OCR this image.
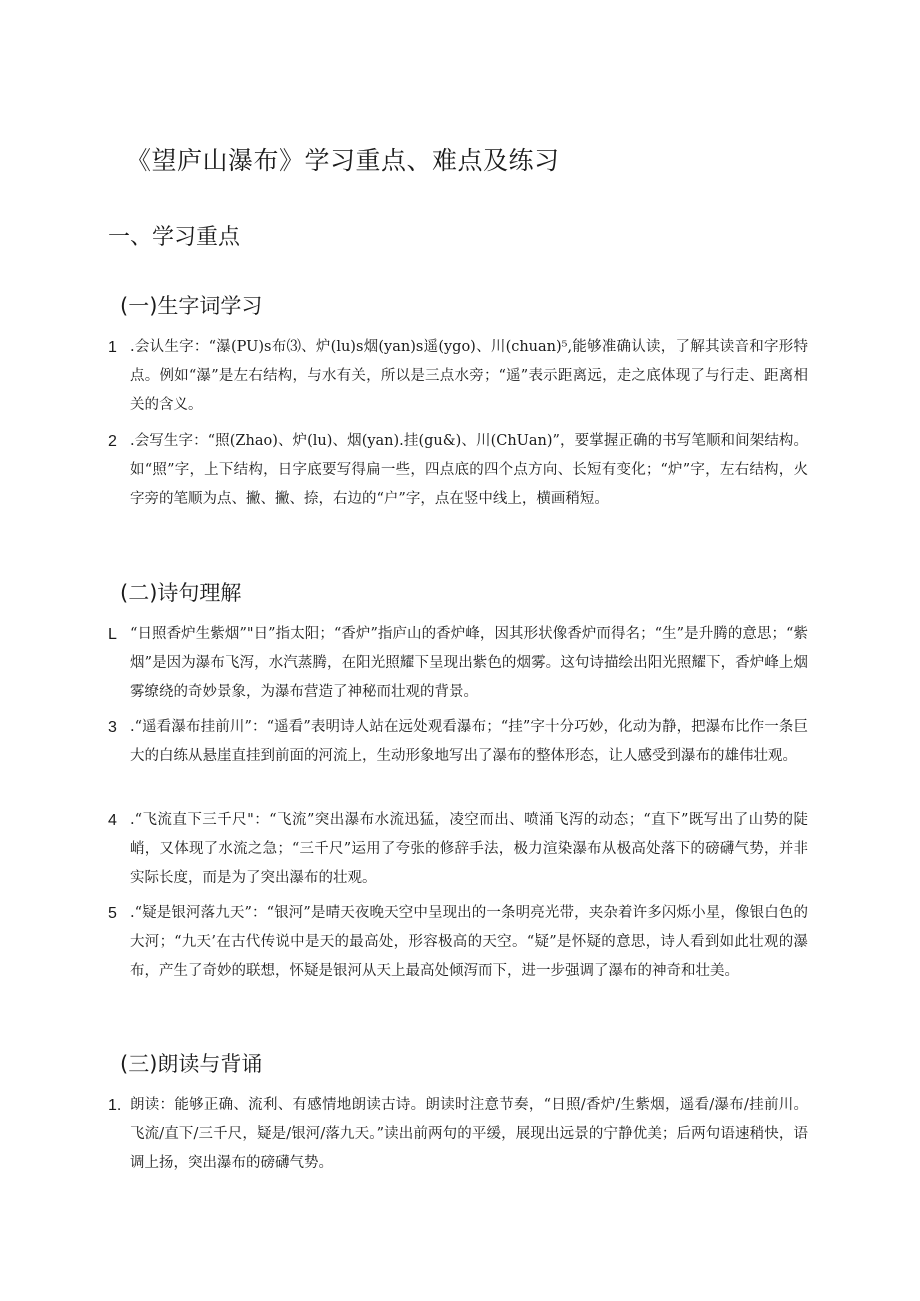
《望庐山瀑布》学习重点、难点及练习
一、学习重点
(一)生字词学习
1 .会认生字：“瀑(PU)s布⑶、炉(lu)s烟(yan)s遥(ygo)、川(chuan)⁵,能够准确认读，了解其读音和字形特点。例如“瀑”是左右结构，与水有关，所以是三点水旁；“遥”表示距离远，走之底体现了与行走、距离相关的含义。
2 .会写生字：“照(Zhao)、炉(lu)、烟(yan).挂(gu&)、川(ChUan)”，要掌握正确的书写笔顺和间架结构。如“照”字，上下结构，日字底要写得扁一些，四点底的四个点方向、长短有变化；“炉”字，左右结构，火字旁的笔顺为点、撇、撇、捺，右边的“户”字，点在竖中线上，横画稍短。
(二)诗句理解
L “日照香炉生紫烟”"日”指太阳；“香炉”指庐山的香炉峰，因其形状像香炉而得名；“生”是升腾的意思；“紫烟”是因为瀑布飞泻，水汽蒸腾，在阳光照耀下呈现出紫色的烟雾。这句诗描绘出阳光照耀下，香炉峰上烟雾缭绕的奇妙景象，为瀑布营造了神秘而壮观的背景。
3 .“遥看瀑布挂前川”：“遥看”表明诗人站在远处观看瀑布；“挂”字十分巧妙，化动为静，把瀑布比作一条巨大的白练从悬崖直挂到前面的河流上，生动形象地写出了瀑布的整体形态，让人感受到瀑布的雄伟壮观。
4 .“飞流直下三千尺"：“飞流”突出瀑布水流迅猛，凌空而出、喷涌飞泻的动态；“直下”既写出了山势的陡峭，又体现了水流之急；“三千尺”运用了夸张的修辞手法，极力渲染瀑布从极高处落下的磅礴气势，并非实际长度，而是为了突出瀑布的壮观。
5 .“疑是银河落九天”：“银河”是晴天夜晚天空中呈现出的一条明亮光带，夹杂着许多闪烁小星，像银白色的大河；“九天’在古代传说中是天的最高处，形容极高的天空。“疑”是怀疑的意思，诗人看到如此壮观的瀑布，产生了奇妙的联想，怀疑是银河从天上最高处倾泻而下，进一步强调了瀑布的神奇和壮美。
(三)朗读与背诵
1. 朗读：能够正确、流利、有感情地朗读古诗。朗读时注意节奏，“日照/香炉/生紫烟，遥看/瀑布/挂前川。飞流/直下/三千尺，疑是/银河/落九天。”读出前两句的平缓，展现出远景的宁静优美；后两句语速稍快，语调上扬，突出瀑布的磅礴气势。
